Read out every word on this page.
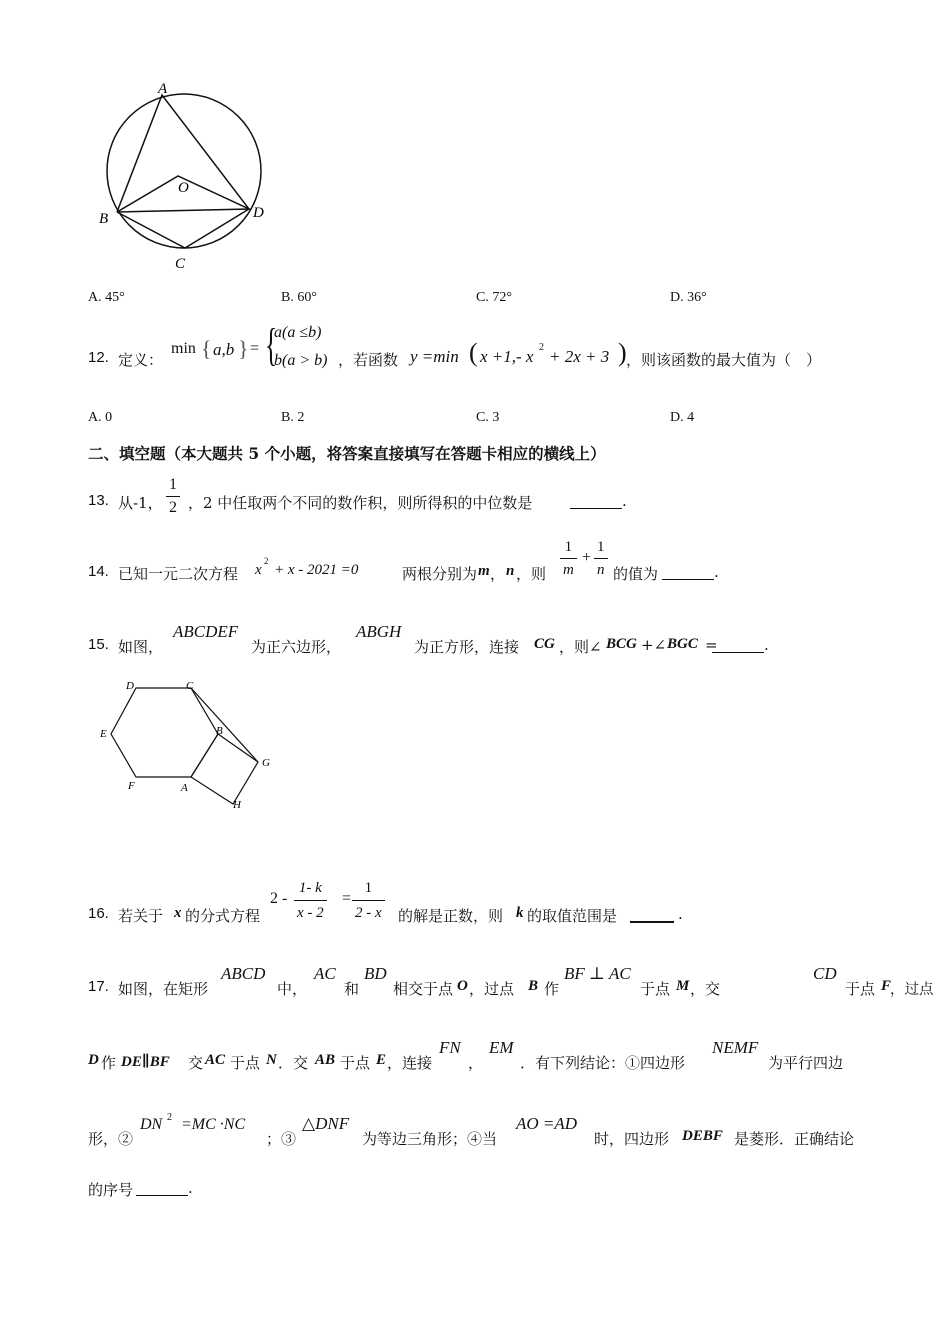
A
O
B	D
C
A. 45°	B. 60°	C. 72°	D. 36°
12. 定义：
min { a,b } = {
a(a ≤b)
b(a > b) ，若函数 y =min ( x +1,- x 2 + 2x + 3 ) ，则该函数的最大值为（　）
A. 0	B. 2	C. 3	D. 4
二、填空题（本大题共 5 个小题，将答案直接填写在答题卡相应的横线上）
13. 从-1， $\frac{1}{2}$ ，2 中任取两个不同的数作积，则所得积的中位数是	.
14. 已知一元二次方程 x
2
+ x - 2021 =0	两根分别为 m ， n ，则 $\frac{1}{m} + \frac{1}{n}$ 的值为	.
15. 如图，
ABCDEF
为正六边形，
ABGH
为正方形，连接 CG ，则∠ BCG +∠ BGC =	.
D	C
E	B
G
F	A
H
16. 若关于 x 的分式方程
$2 - \frac{1- k}{x - 2} = \frac{1}{2 - x}$ 的解是正数，则 k 的取值范围是	.
17. 如图，在矩形
ABCD
中，
AC
和
BD
相交于点 O ，过点 B 作
BF ⊥ AC
于点 M ，交
CD
于点 F
，过点
D 作 DE∥BF 交 AC 于点 N ．交 AB 于点 E ，连接
FN
，
EM
．有下列结论：①四边形
NEMF
为平行四边
形，②
DN 2 =MC ·NC
；③
△DNF
为等边三角形；④当
AO =AD
时，四边形 DEBF 是菱形．正确结论
的序号	.
